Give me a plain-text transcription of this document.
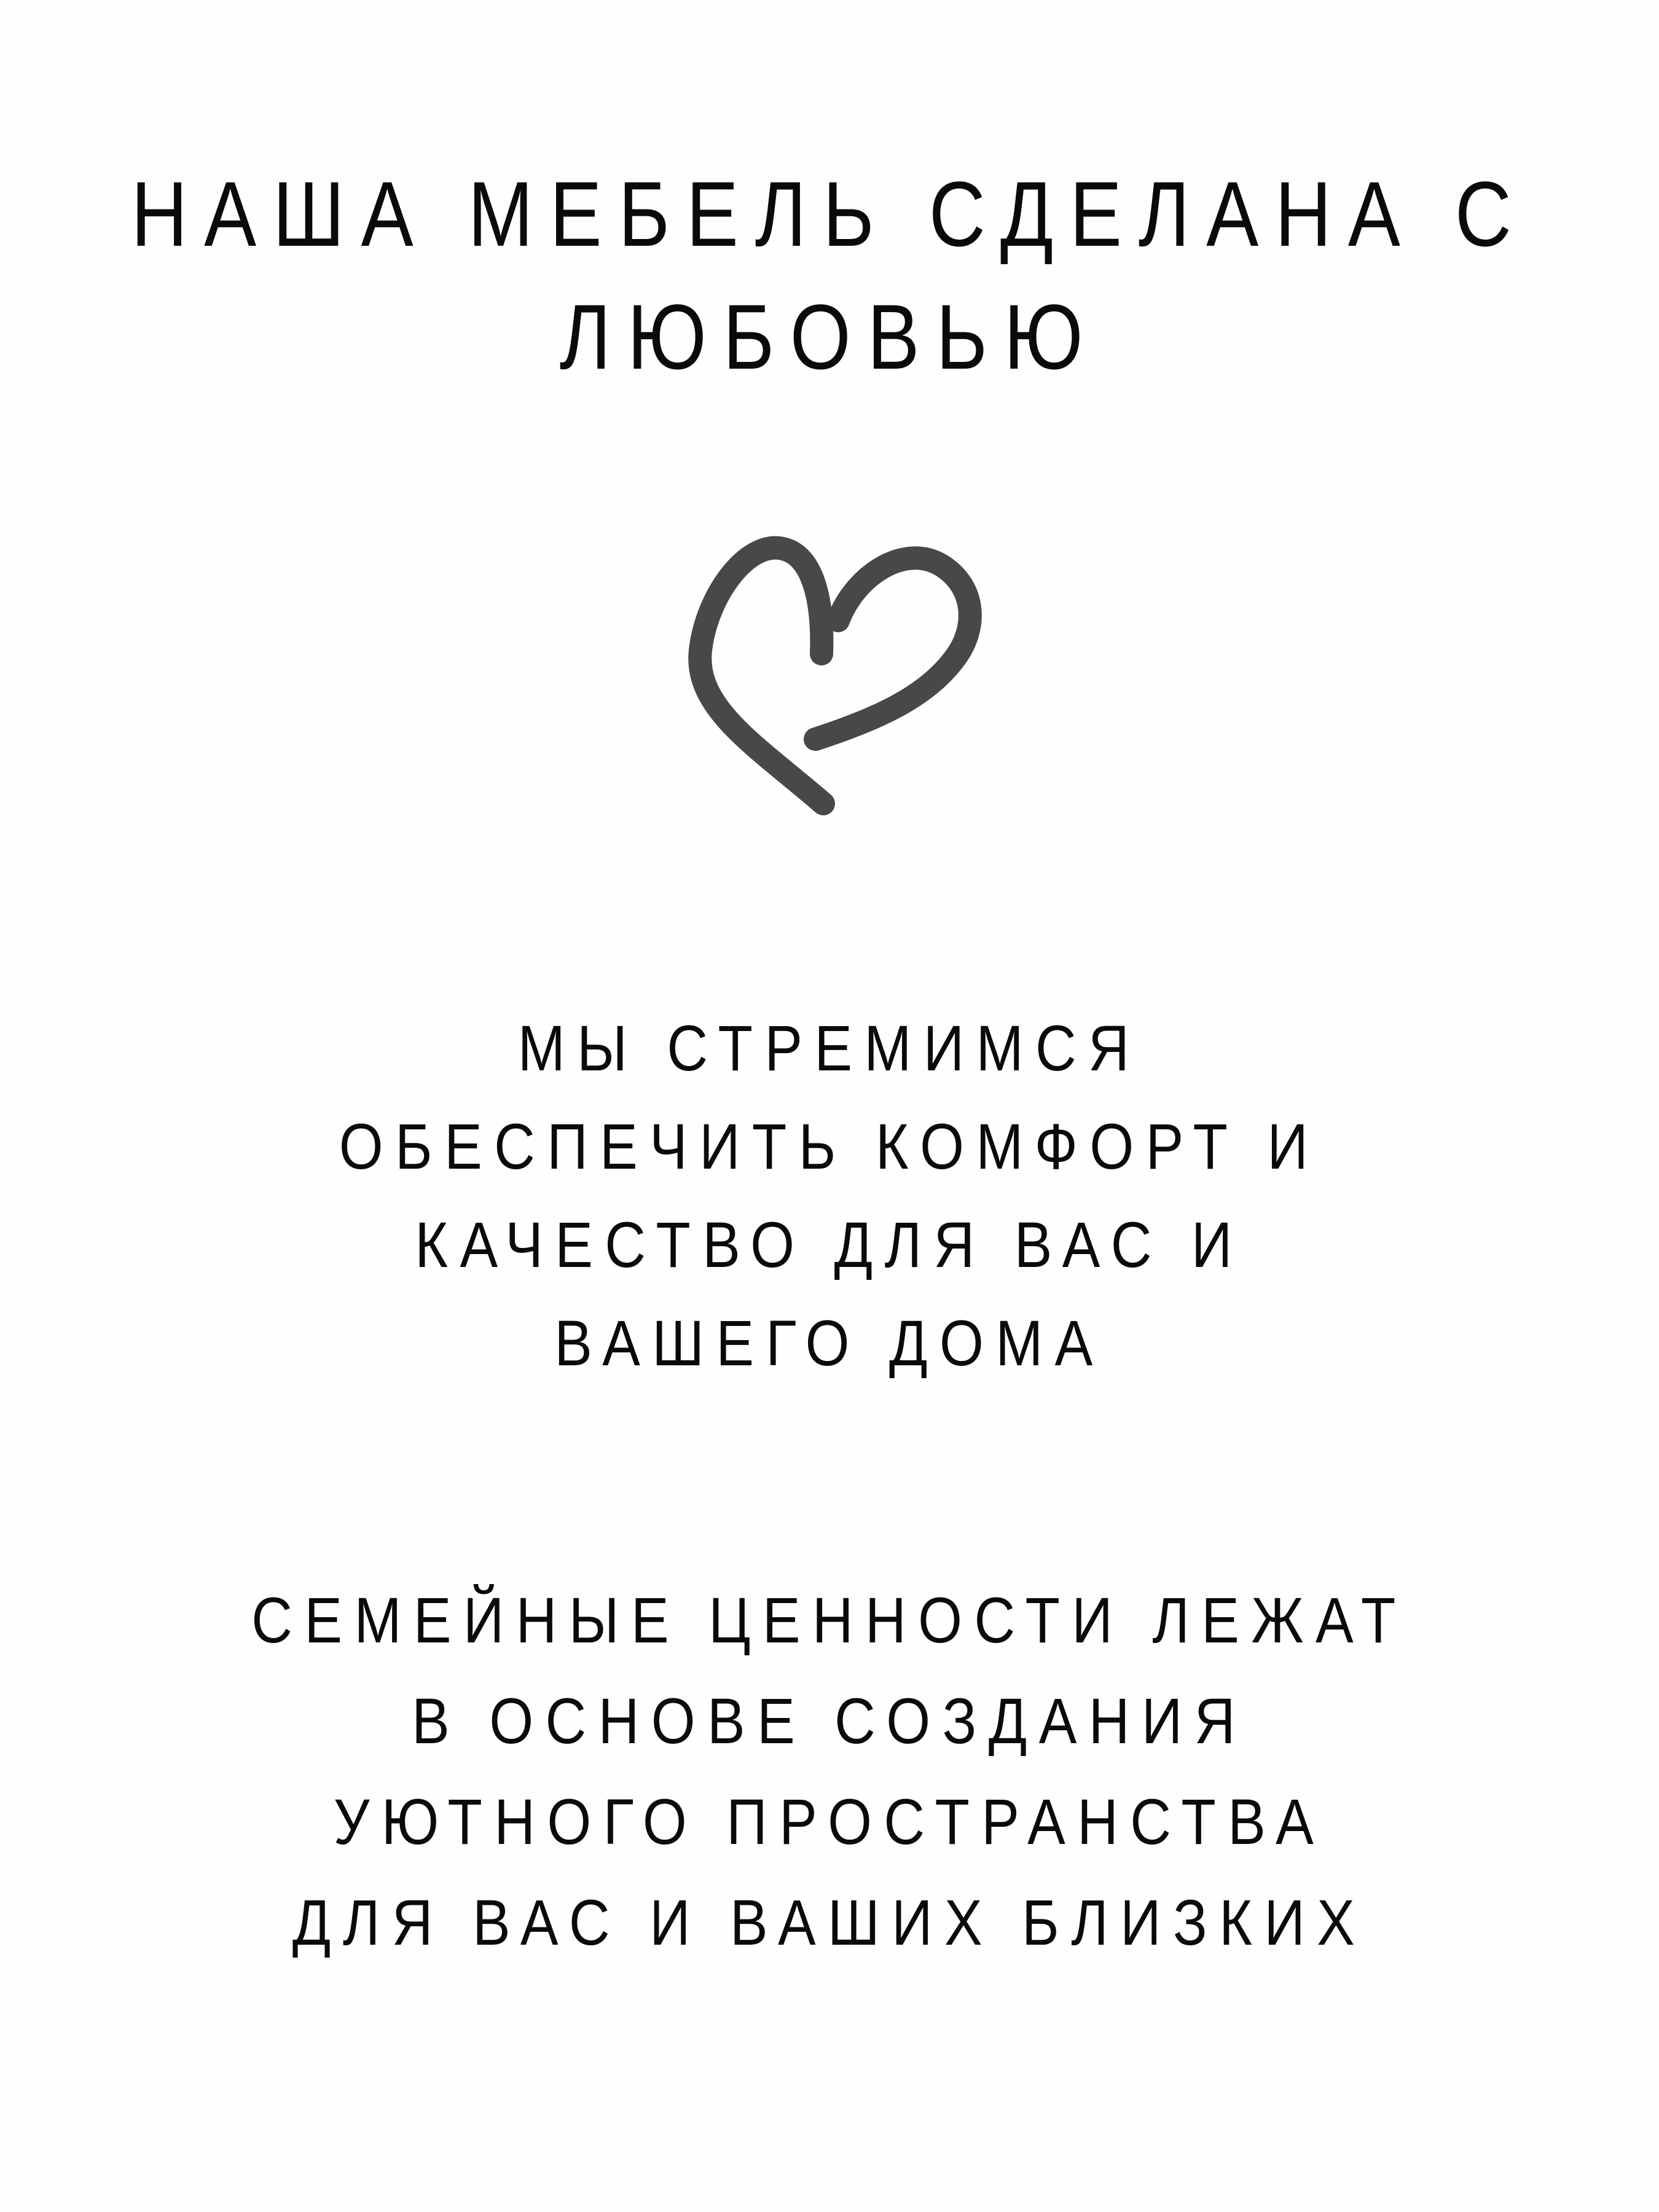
НАША МЕБЕЛЬ СДЕЛАНА С
ЛЮБОВЬЮ
МЫ СТРЕМИМСЯ
ОБЕСПЕЧИТЬ КОМФОРТ И
КАЧЕСТВО ДЛЯ ВАС И
ВАШЕГО ДОМА
СЕМЕЙНЫЕ ЦЕННОСТИ ЛЕЖАТ
В ОСНОВЕ СОЗДАНИЯ
УЮТНОГО ПРОСТРАНСТВА
ДЛЯ ВАС И ВАШИХ БЛИЗКИХ
